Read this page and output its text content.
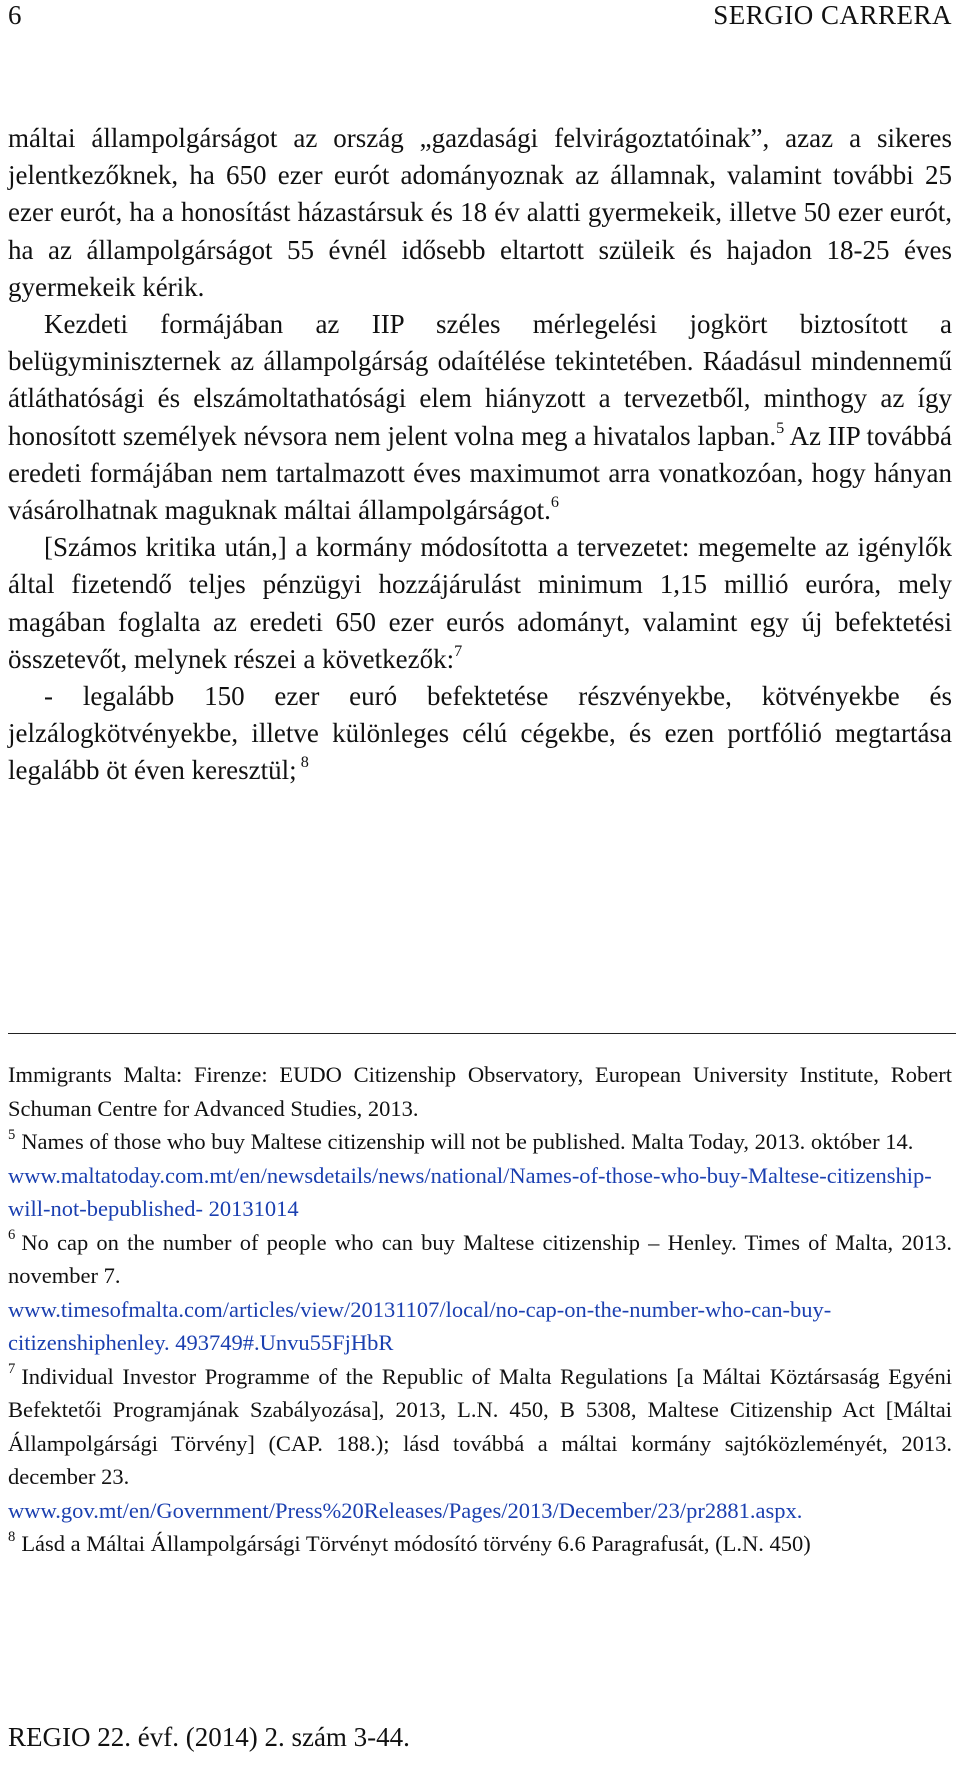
6	SERGIO CARRERA

máltai állampolgárságot az ország „gazdasági felvirágoztatóinak”, azaz a sikeres jelentkezőknek, ha 650 ezer eurót adományoznak az államnak, valamint további 25 ezer eurót, ha a honosítást házastársuk és 18 év alatti gyermekeik, illetve 50 ezer eurót, ha az állampolgárságot 55 évnél idősebb eltartott szüleik és hajadon 18-25 éves gyermekeik kérik.

Kezdeti formájában az IIP széles mérlegelési jogkört biztosított a belügyminiszternek az állampolgárság odaítélése tekintetében. Ráadásul mindennemű átláthatósági és elszámoltathatósági elem hiányzott a tervezetből, minthogy az így honosított személyek névsora nem jelent volna meg a hivatalos lapban.$^5$ Az IIP továbbá eredeti formájában nem tartalmazott éves maximumot arra vonatkozóan, hogy hányan vásárolhatnak maguknak máltai állampolgárságot.$^6$

[Számos kritika után,] a kormány módosította a tervezetet: megemelte az igénylők által fizetendő teljes pénzügyi hozzájárulást minimum 1,15 millió euróra, mely magában foglalta az eredeti 650 ezer eurós adományt, valamint egy új befektetési összetevőt, melynek részei a következők:$^7$

- legalább 150 ezer euró befektetése részvényekbe, kötvényekbe és jelzálogkötvényekbe, illetve különleges célú cégekbe, és ezen portfólió megtartása legalább öt éven keresztül; $^8$

Immigrants Malta: Firenze: EUDO Citizenship Observatory, European University Institute, Robert Schuman Centre for Advanced Studies, 2013.

$^5$ Names of those who buy Maltese citizenship will not be published. Malta Today, 2013. október 14.

www.maltatoday.com.mt/en/newsdetails/news/national/Names-of-those-who-buy-Maltese-citizenship-will-not-bepublished- 20131014

$^6$ No cap on the number of people who can buy Maltese citizenship – Henley. Times of Malta, 2013. november 7.

www.timesofmalta.com/articles/view/20131107/local/no-cap-on-the-number-who-can-buy-citizenshiphenley. 493749#.Unvu55FjHbR

$^7$ Individual Investor Programme of the Republic of Malta Regulations [a Máltai Köztársaság Egyéni Befektetői Programjának Szabályozása], 2013, L.N. 450, B 5308, Maltese Citizenship Act [Máltai Állampolgársági Törvény] (CAP. 188.); lásd továbbá a máltai kormány sajtóközleményét, 2013. december 23.

www.gov.mt/en/Government/Press%20Releases/Pages/2013/December/23/pr2881.aspx.

$^8$ Lásd a Máltai Állampolgársági Törvényt módosító törvény 6.6 Paragrafusát, (L.N. 450)

REGIO 22. évf. (2014) 2. szám 3-44.
